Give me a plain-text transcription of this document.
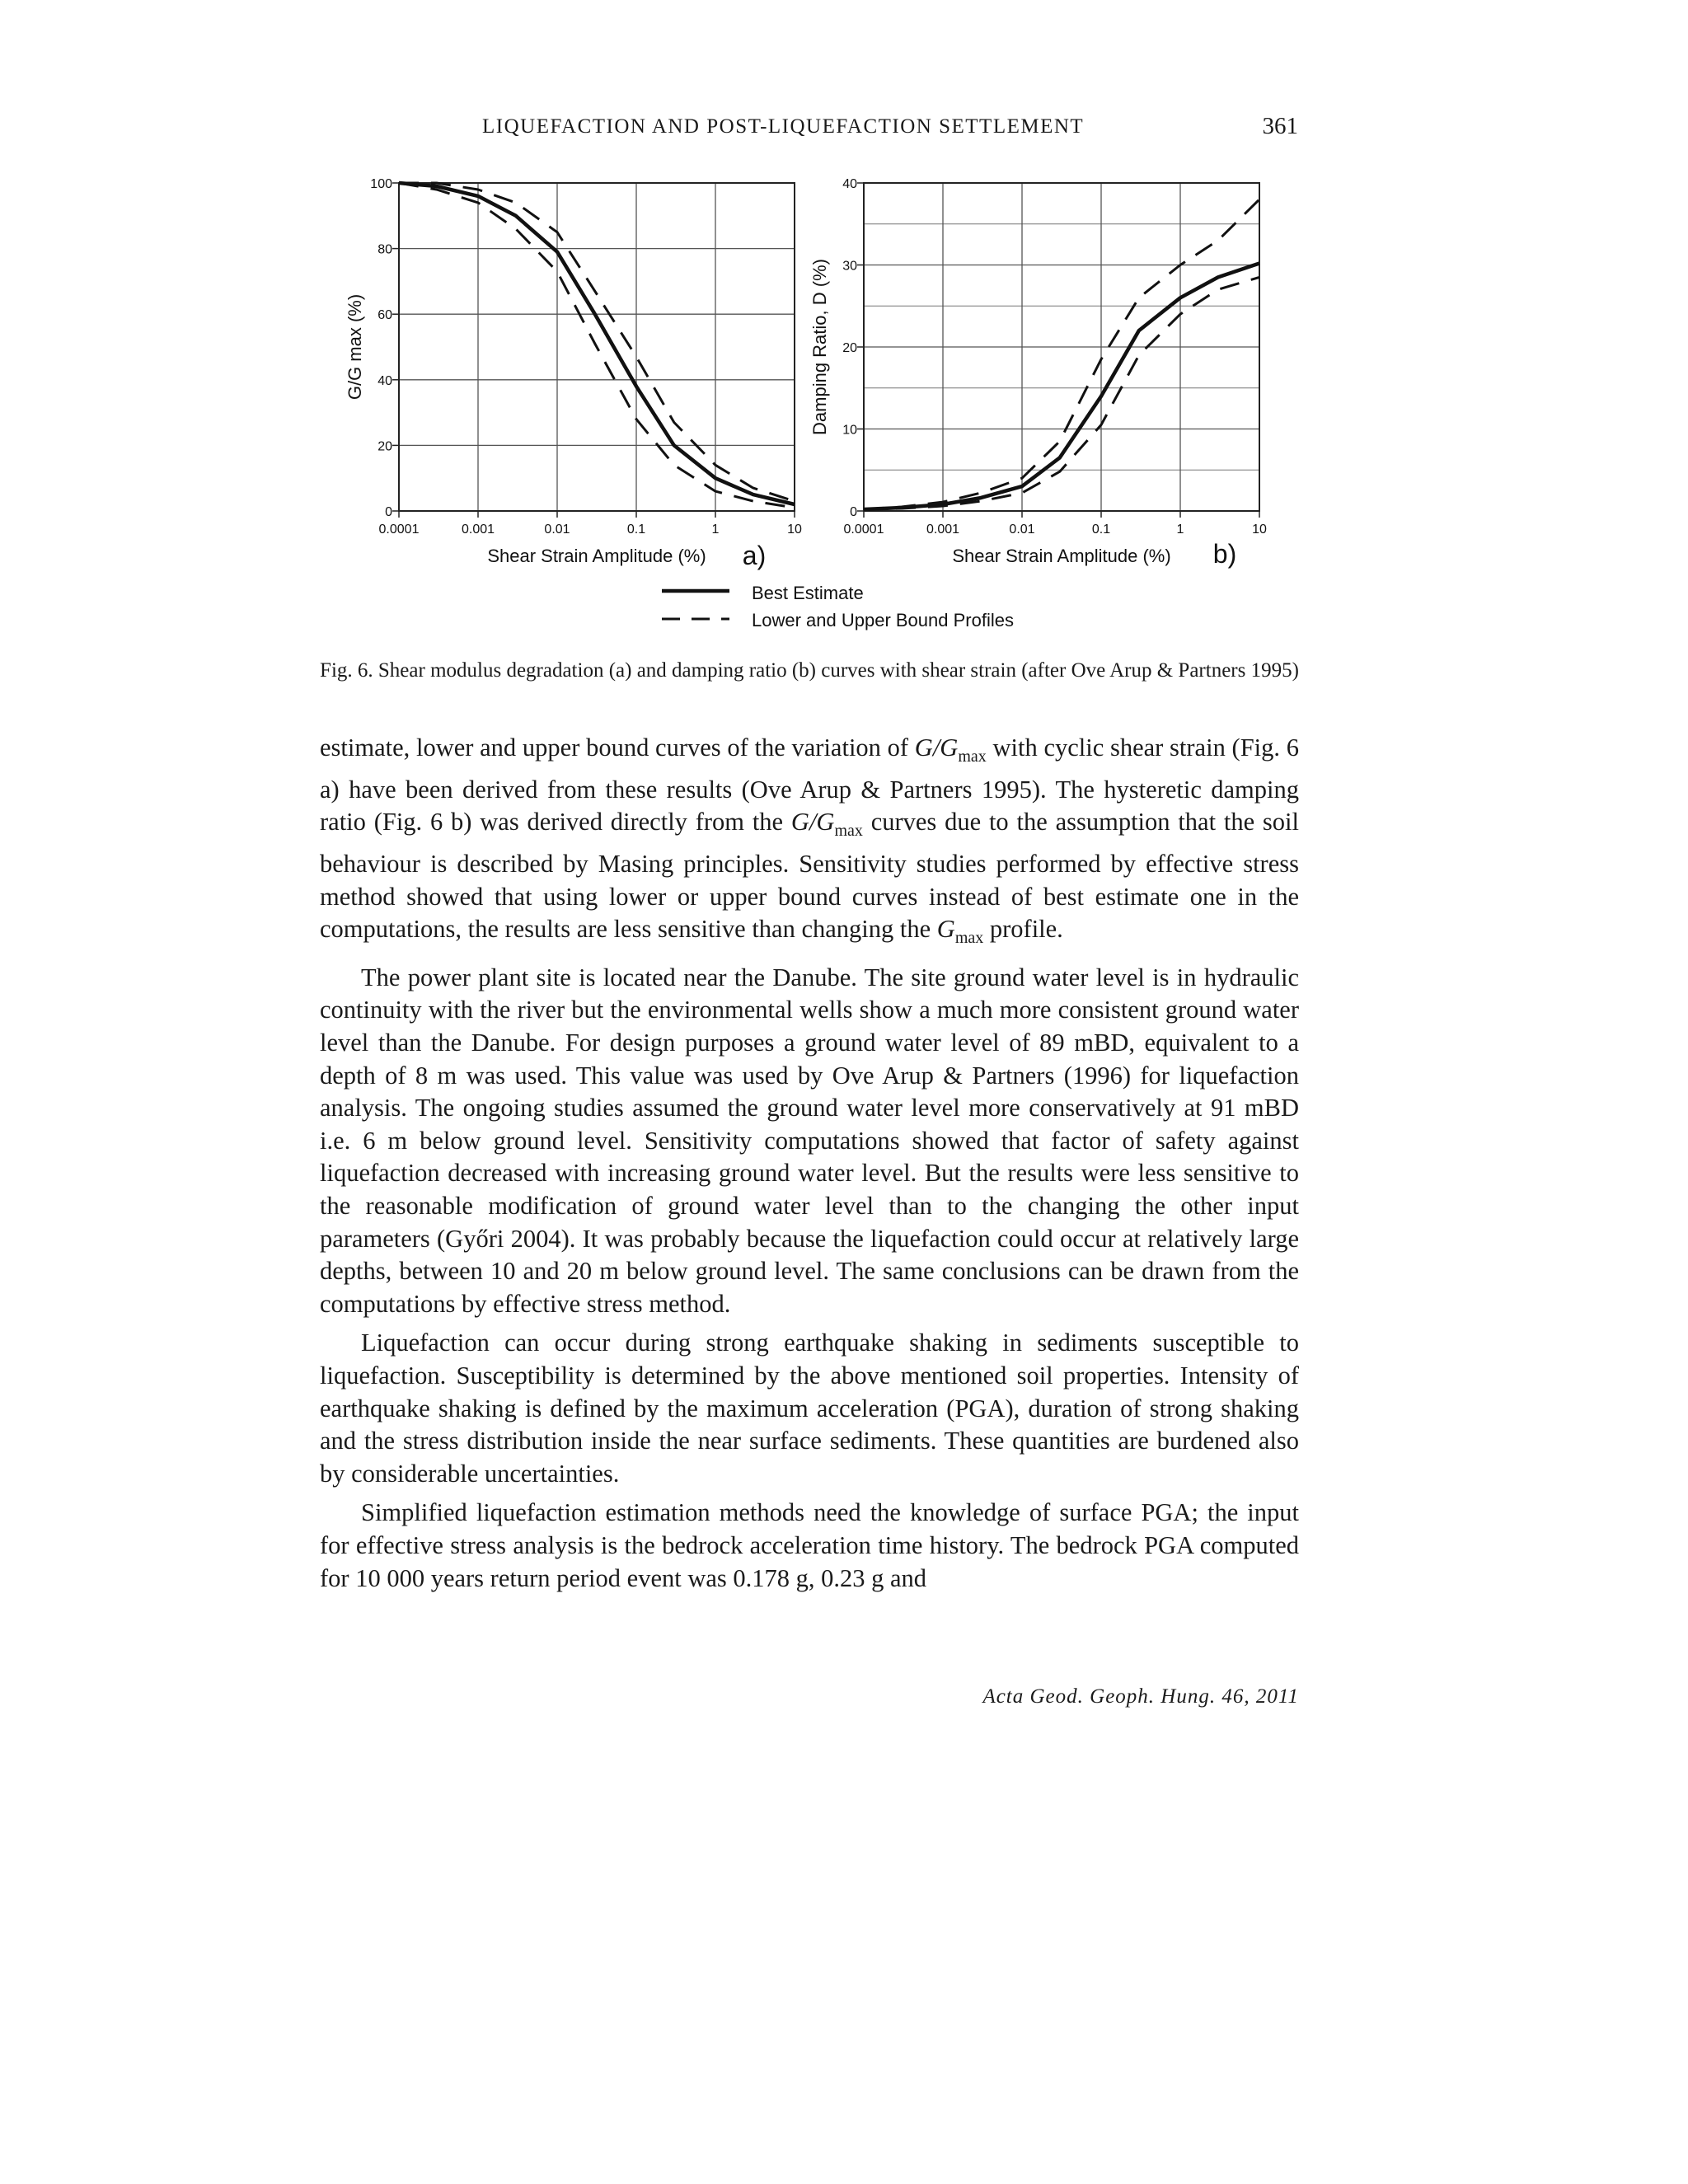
LIQUEFACTION AND POST-LIQUEFACTION SETTLEMENT	361
0
20
40
60
80
100
0.0001	0.001	0.01	0.1	1	10
Shear Strain Amplitude (%)
G/G max (%)
a)
0
10
20
30
40
0.0001	0.001	0.01	0.1	1	10
Shear Strain Amplitude (%)
Damping Ratio, D (%)
b)
Best Estimate
Lower and Upper Bound Profiles
Fig. 6. Shear modulus degradation (a) and damping ratio (b) curves with shear strain (after Ove Arup & Partners 1995)

estimate, lower and upper bound curves of the variation of $G/G_{max}$ with cyclic shear strain (Fig. 6 a) have been derived from these results (Ove Arup & Partners 1995). The hysteretic damping ratio (Fig. 6 b) was derived directly from the $G/G_{max}$ curves due to the assumption that the soil behaviour is described by Masing principles. Sensitivity studies performed by effective stress method showed that using lower or upper bound curves instead of best estimate one in the computations, the results are less sensitive than changing the $G_{max}$ profile.

The power plant site is located near the Danube. The site ground water level is in hydraulic continuity with the river but the environmental wells show a much more consistent ground water level than the Danube. For design purposes a ground water level of 89 mBD, equivalent to a depth of 8 m was used. This value was used by Ove Arup & Partners (1996) for liquefaction analysis. The ongoing studies assumed the ground water level more conservatively at 91 mBD i.e. 6 m below ground level. Sensitivity computations showed that factor of safety against liquefaction decreased with increasing ground water level. But the results were less sensitive to the reasonable modification of ground water level than to the changing the other input parameters (Győri 2004). It was probably because the liquefaction could occur at relatively large depths, between 10 and 20 m below ground level. The same conclusions can be drawn from the computations by effective stress method.

Liquefaction can occur during strong earthquake shaking in sediments susceptible to liquefaction. Susceptibility is determined by the above mentioned soil properties. Intensity of earthquake shaking is defined by the maximum acceleration (PGA), duration of strong shaking and the stress distribution inside the near surface sediments. These quantities are burdened also by considerable uncertainties.

Simplified liquefaction estimation methods need the knowledge of surface PGA; the input for effective stress analysis is the bedrock acceleration time history. The bedrock PGA computed for 10 000 years return period event was 0.178 g, 0.23 g and

Acta Geod. Geoph. Hung. 46, 2011
